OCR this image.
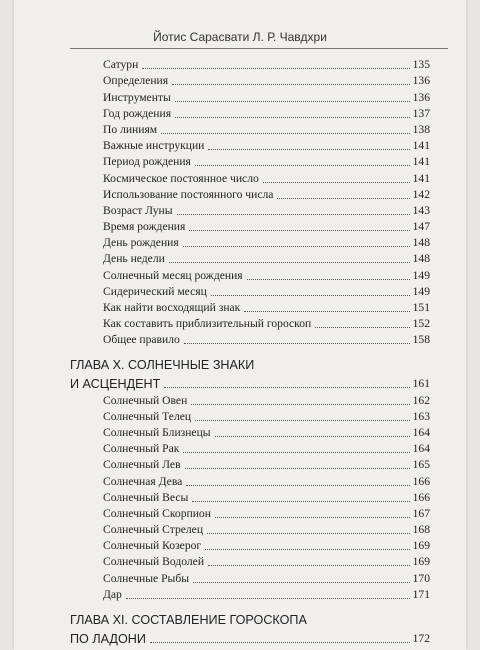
Йотис Сарасвати Л. Р. Чавдхри
Сатурн	135
Определения	136
Инструменты	136
Год рождения	137
По линиям	138
Важные инструкции	141
Период рождения	141
Космическое постоянное число	141
Использование постоянного числа	142
Возраст Луны	143
Время рождения	147
День рождения	148
День недели	148
Солнечный месяц рождения	149
Сидерический месяц	149
Как найти восходящий знак	151
Как составить приблизительный гороскоп	152
Общее правило	158
ГЛАВА X. СОЛНЕЧНЫЕ ЗНАКИ
И АСЦЕНДЕНТ	161
Солнечный Овен	162
Солнечный Телец	163
Солнечный Близнецы	164
Солнечный Рак	164
Солнечный Лев	165
Солнечная Дева	166
Солнечный Весы	166
Солнечный Скорпион	167
Солнечный Стрелец	168
Солнечный Козерог	169
Солнечный Водолей	169
Солнечные Рыбы	170
Дар	171
ГЛАВА XI. СОСТАВЛЕНИЕ ГОРОСКОПА
ПО ЛАДОНИ	172
